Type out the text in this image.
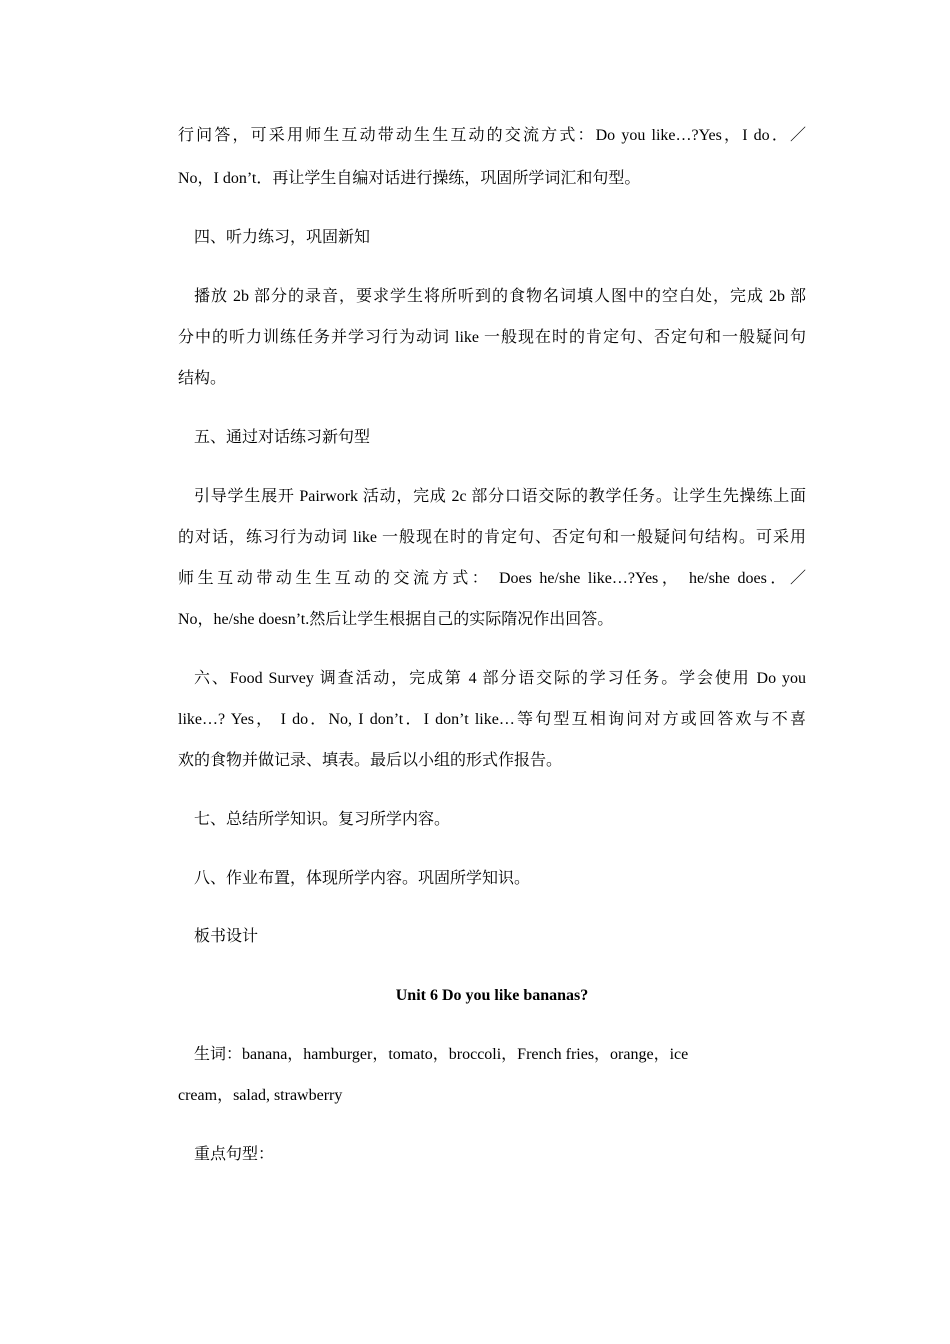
行问答，可采用师生互动带动生生互动的交流方式：Do you like…?Yes，I do．／
No，I don’t．再让学生自编对话进行操练，巩固所学词汇和句型。
四、听力练习，巩固新知
播放 2b 部分的录音，要求学生将所听到的食物名词填人图中的空白处，完成 2b 部
分中的听力训练任务并学习行为动词 like 一般现在时的肯定句、否定句和一般疑问句
结构。
五、通过对话练习新句型
引导学生展开 Pairwork 活动，完成 2c 部分口语交际的教学任务。让学生先操练上面
的对话，练习行为动词 like 一般现在时的肯定句、否定句和一般疑问句结构。可采用
师生互动带动生生互动的交流方式： Does he/she like…?Yes， he/she does．／
No，he/she doesn’t.然后让学生根据自己的实际隋况作出回答。
六、Food Survey 调查活动，完成第 4 部分语交际的学习任务。学会使用 Do you
like…? Yes， I do．No, I don’t．I don’t like…等句型互相询问对方或回答欢与不喜
欢的食物并做记录、填表。最后以小组的形式作报告。
七、总结所学知识。复习所学内容。
八、作业布置，体现所学内容。巩固所学知识。
板书设计
Unit 6 Do you like bananas?
生词：banana，hamburger，tomato，broccoli，French fries，orange，ice
cream，salad, strawberry
重点句型：
